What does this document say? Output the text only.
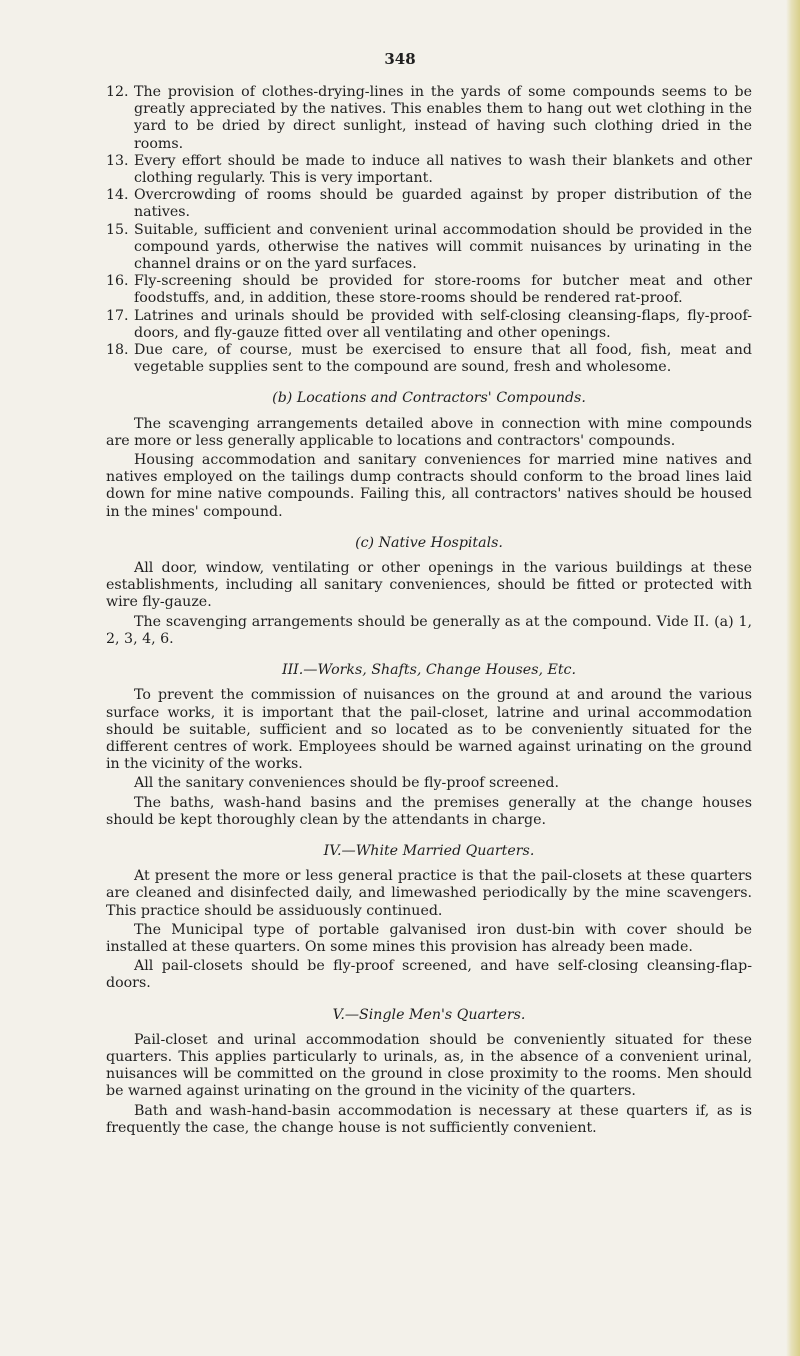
348
12. The provision of clothes-drying-lines in the yards of some compounds seems to be greatly appreciated by the natives. This enables them to hang out wet clothing in the yard to be dried by direct sunlight, instead of having such clothing dried in the rooms.
13. Every effort should be made to induce all natives to wash their blankets and other clothing regularly. This is very important.
14. Overcrowding of rooms should be guarded against by proper distribution of the natives.
15. Suitable, sufficient and convenient urinal accommodation should be provided in the compound yards, otherwise the natives will commit nuisances by urinating in the channel drains or on the yard surfaces.
16. Fly-screening should be provided for store-rooms for butcher meat and other foodstuffs, and, in addition, these store-rooms should be rendered rat-proof.
17. Latrines and urinals should be provided with self-closing cleansing-flaps, fly-proof-doors, and fly-gauze fitted over all ventilating and other openings.
18. Due care, of course, must be exercised to ensure that all food, fish, meat and vegetable supplies sent to the compound are sound, fresh and wholesome.
(b) Locations and Contractors' Compounds.

The scavenging arrangements detailed above in connection with mine compounds are more or less generally applicable to locations and contractors' compounds.

Housing accommodation and sanitary conveniences for married mine natives and natives employed on the tailings dump contracts should conform to the broad lines laid down for mine native compounds. Failing this, all contractors' natives should be housed in the mines' compound.

(c) Native Hospitals.

All door, window, ventilating or other openings in the various buildings at these establishments, including all sanitary conveniences, should be fitted or protected with wire fly-gauze.

The scavenging arrangements should be generally as at the compound. Vide II. (a) 1, 2, 3, 4, 6.

III.—Works, Shafts, Change Houses, Etc.

To prevent the commission of nuisances on the ground at and around the various surface works, it is important that the pail-closet, latrine and urinal accommodation should be suitable, sufficient and so located as to be conveniently situated for the different centres of work. Employees should be warned against urinating on the ground in the vicinity of the works.

All the sanitary conveniences should be fly-proof screened.

The baths, wash-hand basins and the premises generally at the change houses should be kept thoroughly clean by the attendants in charge.

IV.—White Married Quarters.

At present the more or less general practice is that the pail-closets at these quarters are cleaned and disinfected daily, and limewashed periodically by the mine scavengers. This practice should be assiduously continued.

The Municipal type of portable galvanised iron dust-bin with cover should be installed at these quarters. On some mines this provision has already been made.

All pail-closets should be fly-proof screened, and have self-closing cleansing-flap-doors.

V.—Single Men's Quarters.

Pail-closet and urinal accommodation should be conveniently situated for these quarters. This applies particularly to urinals, as, in the absence of a convenient urinal, nuisances will be committed on the ground in close proximity to the rooms. Men should be warned against urinating on the ground in the vicinity of the quarters.

Bath and wash-hand-basin accommodation is necessary at these quarters if, as is frequently the case, the change house is not sufficiently convenient.
